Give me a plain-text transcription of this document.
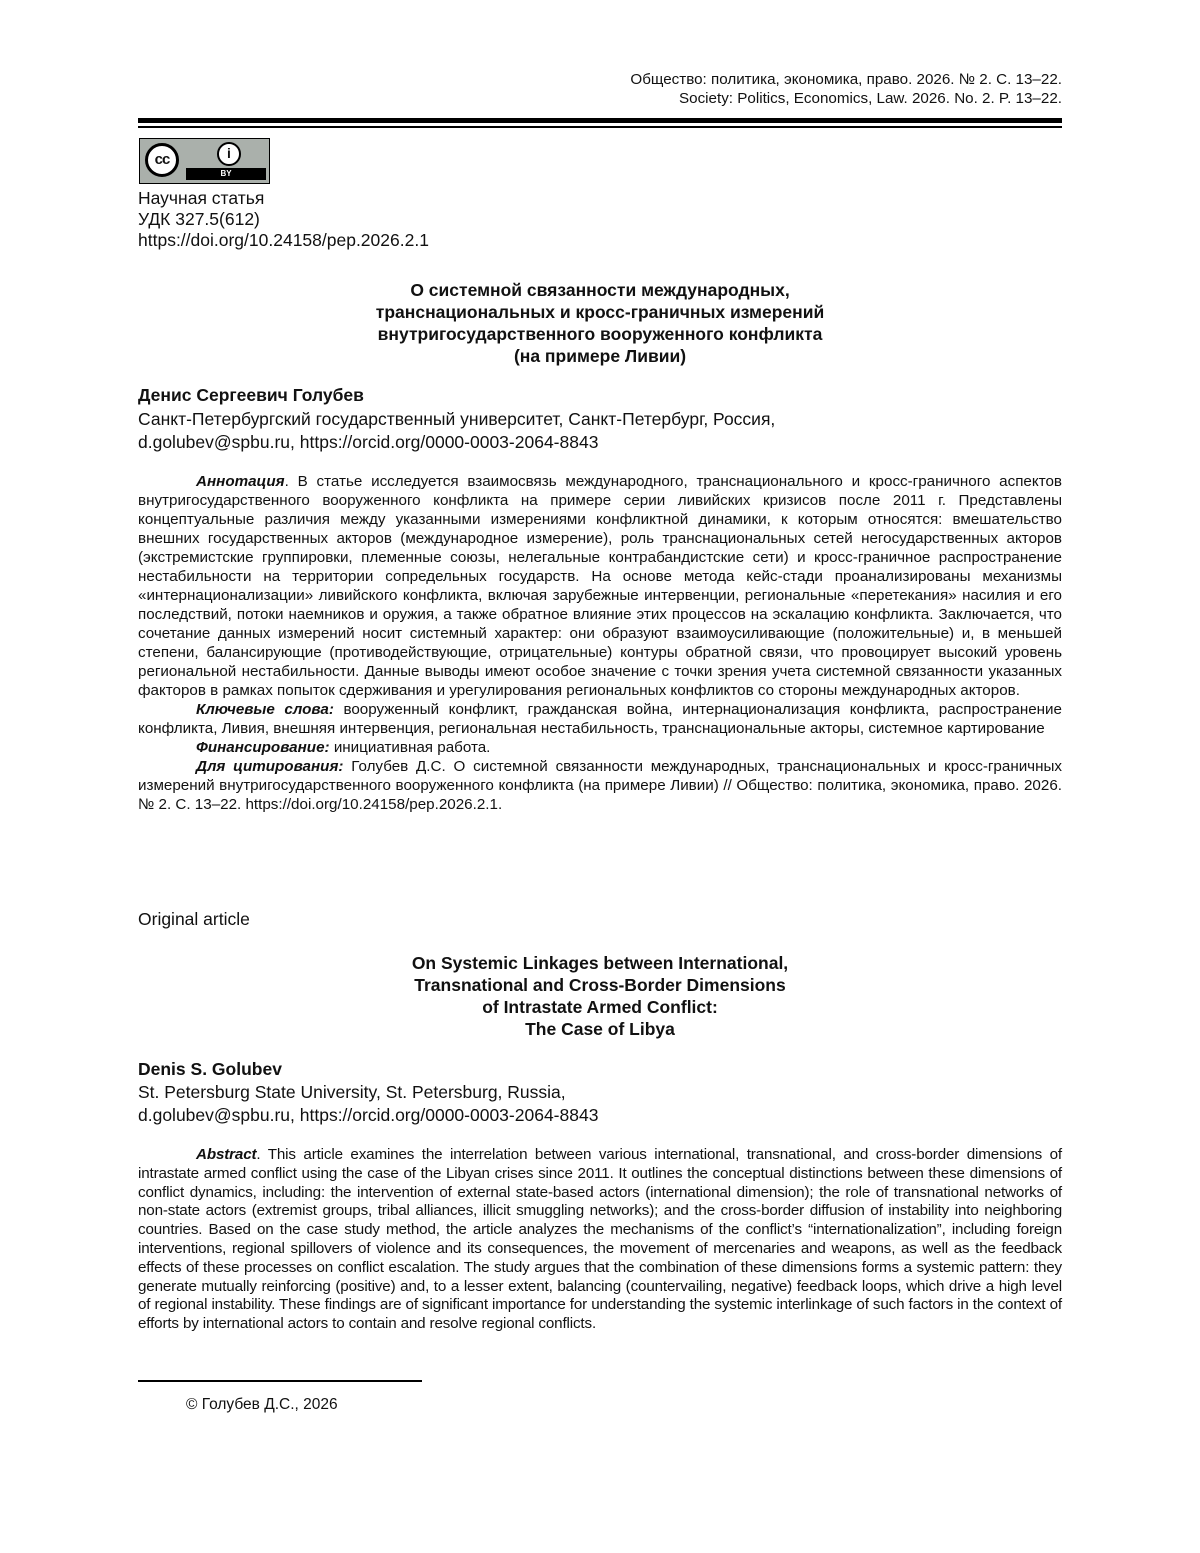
Общество: политика, экономика, право. 2026. № 2. С. 13–22.
Society: Politics, Economics, Law. 2026. No. 2. P. 13–22.
cc	i
BY
Научная статья
УДК 327.5(612)
https://doi.org/10.24158/pep.2026.2.1
О системной связанности международных,
транснациональных и кросс-граничных измерений
внутригосударственного вооруженного конфликта
(на примере Ливии)
Денис Сергеевич Голубев
Санкт-Петербургский государственный университет, Санкт-Петербург, Россия,
d.golubev@spbu.ru, https://orcid.org/0000-0003-2064-8843

Аннотация. В статье исследуется взаимосвязь международного, транснационального и кросс-граничного аспектов внутригосударственного вооруженного конфликта на примере серии ливийских кризисов после 2011 г. Представлены концептуальные различия между указанными измерениями конфликтной динамики, к которым относятся: вмешательство внешних государственных акторов (международное измерение), роль транснациональных сетей негосударственных акторов (экстремистские группировки, племенные союзы, нелегальные контрабандистские сети) и кросс-граничное распространение нестабильности на территории сопредельных государств. На основе метода кейс-стади проанализированы механизмы «интернационализации» ливийского конфликта, включая зарубежные интервенции, региональные «перетекания» насилия и его последствий, потоки наемников и оружия, а также обратное влияние этих процессов на эскалацию конфликта. Заключается, что сочетание данных измерений носит системный характер: они образуют взаимоусиливающие (положительные) и, в меньшей степени, балансирующие (противодействующие, отрицательные) контуры обратной связи, что провоцирует высокий уровень региональной нестабильности. Данные выводы имеют особое значение с точки зрения учета системной связанности указанных факторов в рамках попыток сдерживания и урегулирования региональных конфликтов со стороны международных акторов.

Ключевые слова: вооруженный конфликт, гражданская война, интернационализация конфликта, распространение конфликта, Ливия, внешняя интервенция, региональная нестабильность, транснациональные акторы, системное картирование

Финансирование: инициативная работа.

Для цитирования: Голубев Д.С. О системной связанности международных, транснациональных и кросс-граничных измерений внутригосударственного вооруженного конфликта (на примере Ливии) // Общество: политика, экономика, право. 2026. № 2. С. 13–22. https://doi.org/10.24158/pep.2026.2.1.

Original article
On Systemic Linkages between International,
Transnational and Cross-Border Dimensions
of Intrastate Armed Conflict:
The Case of Libya
Denis S. Golubev
St. Petersburg State University, St. Petersburg, Russia,
d.golubev@spbu.ru, https://orcid.org/0000-0003-2064-8843

Abstract. This article examines the interrelation between various international, transnational, and cross-border dimensions of intrastate armed conflict using the case of the Libyan crises since 2011. It outlines the conceptual distinctions between these dimensions of conflict dynamics, including: the intervention of external state-based actors (international dimension); the role of transnational networks of non-state actors (extremist groups, tribal alliances, illicit smuggling networks); and the cross-border diffusion of instability into neighboring countries. Based on the case study method, the article analyzes the mechanisms of the conflict’s “internationalization”, including foreign interventions, regional spillovers of violence and its consequences, the movement of mercenaries and weapons, as well as the feedback effects of these processes on conflict escalation. The study argues that the combination of these dimensions forms a systemic pattern: they generate mutually reinforcing (positive) and, to a lesser extent, balancing (countervailing, negative) feedback loops, which drive a high level of regional instability. These findings are of significant importance for understanding the systemic interlinkage of such factors in the context of efforts by international actors to contain and resolve regional conflicts.

© Голубев Д.С., 2026
